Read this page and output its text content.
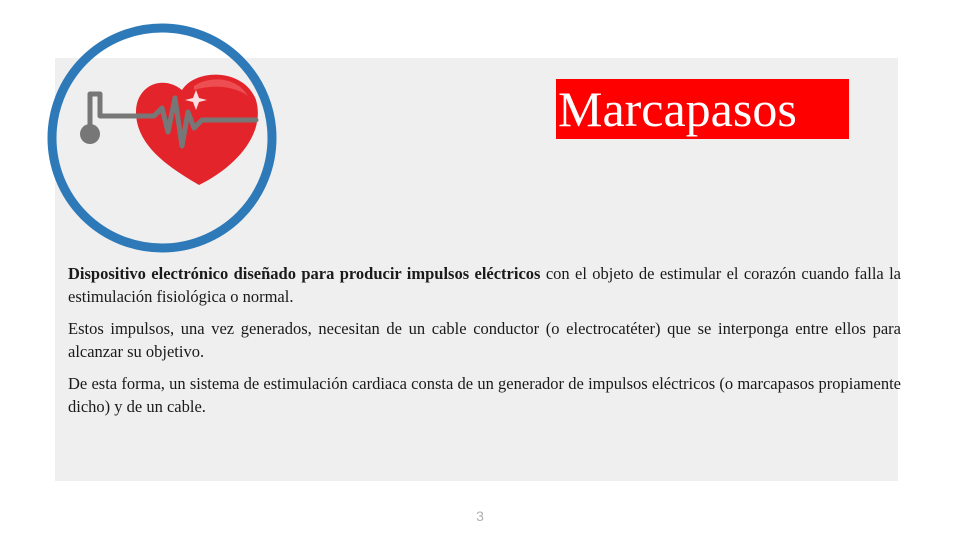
Marcapasos

Dispositivo electrónico diseñado para producir impulsos eléctricos con el objeto de estimular el corazón cuando falla la estimulación fisiológica o normal.

Estos impulsos, una vez generados, necesitan de un cable conductor (o electrocatéter) que se interponga entre ellos para alcanzar su objetivo.

De esta forma, un sistema de estimulación cardiaca consta de un generador de impulsos eléctricos (o marcapasos propiamente dicho) y de un cable.

3
